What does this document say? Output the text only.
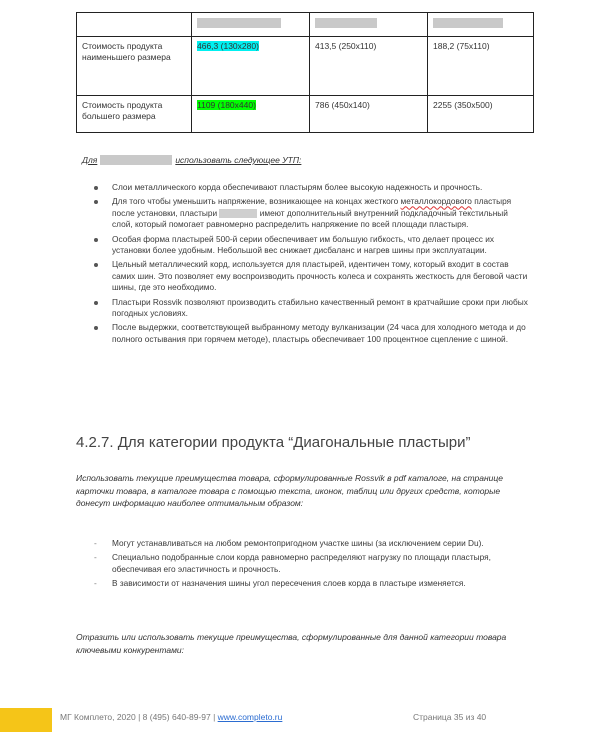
Стоимость продукта наименьшего размера	466,3 (130х280)	413,5 (250х110)	188,2 (75х110)
Стоимость продукта большего размера	1109 (180х440)	786 (450х140)	2255 (350х500)
Для	использовать следующее УТП:
Слои металлического корда обеспечивают пластырям более высокую надежность и прочность.
Для того чтобы уменьшить напряжение, возникающее на концах жесткого металлокордового пластыря после установки, пластыри	имеют дополнительный внутренний подкладочный текстильный слой, который помогает равномерно распределить напряжение по всей площади пластыря.
Особая форма пластырей 500-й серии обеспечивает им большую гибкость, что делает процесс их установки более удобным. Небольшой вес снижает дисбаланс и нагрев шины при эксплуатации.
Цельный металлический корд, используется для пластырей, идентичен тому, который входит в состав самих шин. Это позволяет ему воспроизводить прочность колеса и сохранять жесткость для беговой части шины, где это необходимо.
Пластыри Rossvik позволяют производить стабильно качественный ремонт в кратчайшие сроки при любых погодных условиях.
После выдержки, соответствующей выбранному методу вулканизации (24 часа для холодного метода и до полного остывания при горячем методе), пластырь обеспечивает 100 процентное сцепление с шиной.
4.2.7. Для категории продукта “Диагональные пластыри”
Использовать текущие преимущества товара, сформулированные Rossvik в pdf каталоге, на странице карточки товара, в каталоге товара с помощью текста, иконок, таблиц или других средств, которые донесут информацию наиболее оптимальным образом:
- Могут устанавливаться на любом ремонтопригодном участке шины (за исключением серии Du).
- Специально подобранные слои корда равномерно распределяют нагрузку по площади пластыря, обеспечивая его эластичность и прочность.
- В зависимости от назначения шины угол пересечения слоев корда в пластыре изменяется.
Отразить или использовать текущие преимущества, сформулированные для данной категории товара ключевыми конкурентами:
МГ Комплето, 2020 | 8 (495) 640-89-97 | www.completo.ru	Страница 35 из 40
